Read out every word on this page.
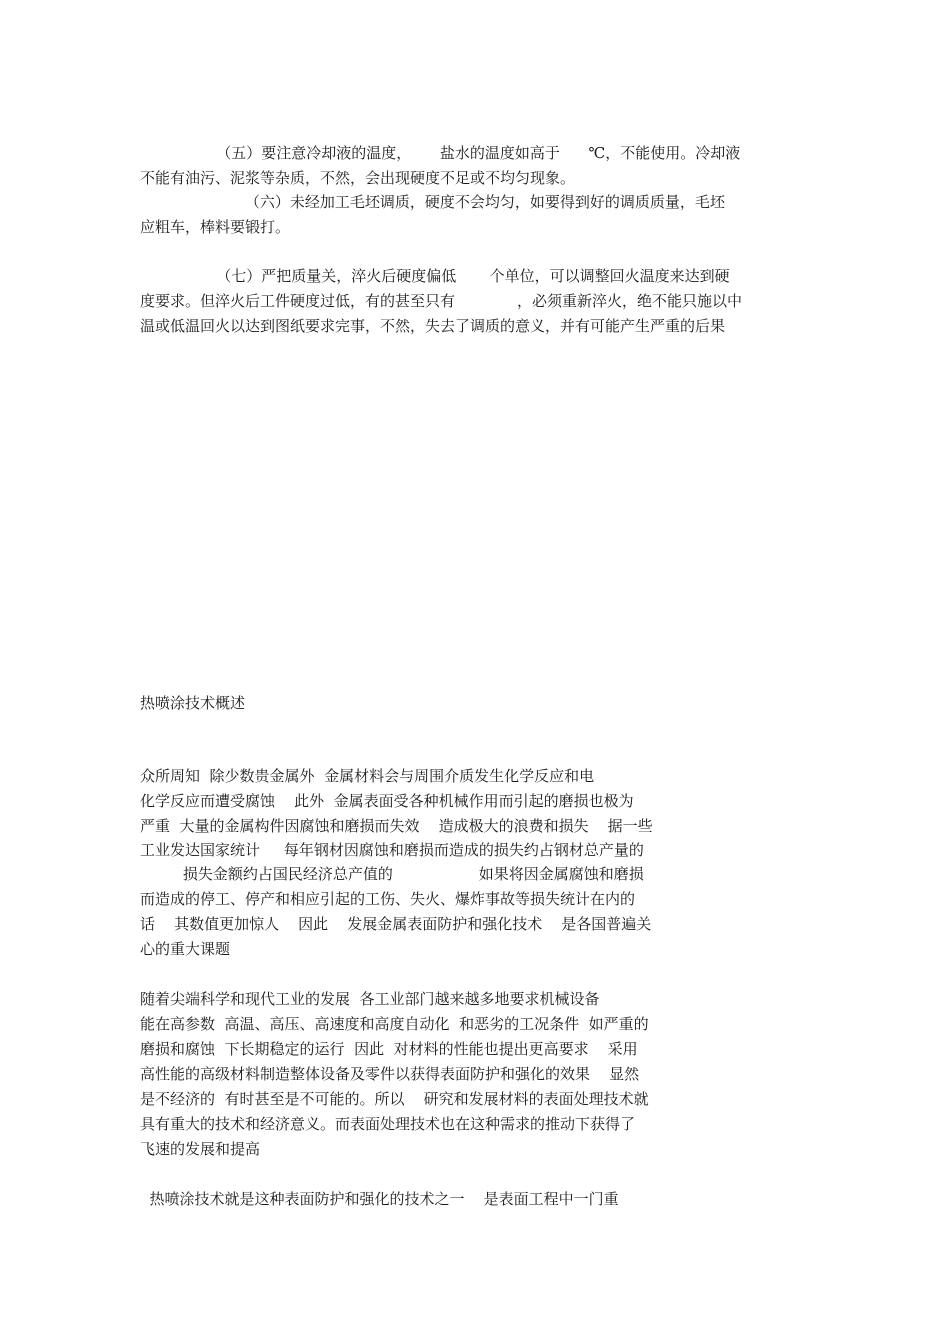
（五）要注意冷却液的温度，      盐水的温度如高于      ℃，不能使用。冷却液
不能有油污、泥浆等杂质，不然，会出现硬度不足或不均匀现象。
（六）未经加工毛坯调质，硬度不会均匀，如要得到好的调质质量，毛坯
应粗车，棒料要锻打。
（七）严把质量关，淬火后硬度偏低       个单位，可以调整回火温度来达到硬
度要求。但淬火后工件硬度过低，有的甚至只有             ，必须重新淬火，绝不能只施以中
温或低温回火以达到图纸要求完事，不然，失去了调质的意义，并有可能产生严重的后果
热喷涂技术概述
众所周知  除少数贵金属外  金属材料会与周围介质发生化学反应和电
化学反应而遭受腐蚀    此外  金属表面受各种机械作用而引起的磨损也极为
严重  大量的金属构件因腐蚀和磨损而失效    造成极大的浪费和损失    据一些
工业发达国家统计     每年钢材因腐蚀和磨损而造成的损失约占钢材总产量的
损失金额约占国民经济总产值的                  如果将因金属腐蚀和磨损
而造成的停工、停产和相应引起的工伤、失火、爆炸事故等损失统计在内的
话    其数值更加惊人    因此    发展金属表面防护和强化技术    是各国普遍关
心的重大课题
随着尖端科学和现代工业的发展  各工业部门越来越多地要求机械设备
能在高参数  高温、高压、高速度和高度自动化  和恶劣的工况条件  如严重的
磨损和腐蚀  下长期稳定的运行  因此  对材料的性能也提出更高要求    采用
高性能的高级材料制造整体设备及零件以获得表面防护和强化的效果    显然
是不经济的  有时甚至是不可能的。所以    研究和发展材料的表面处理技术就
具有重大的技术和经济意义。而表面处理技术也在这种需求的推动下获得了
飞速的发展和提高
热喷涂技术就是这种表面防护和强化的技术之一    是表面工程中一门重
